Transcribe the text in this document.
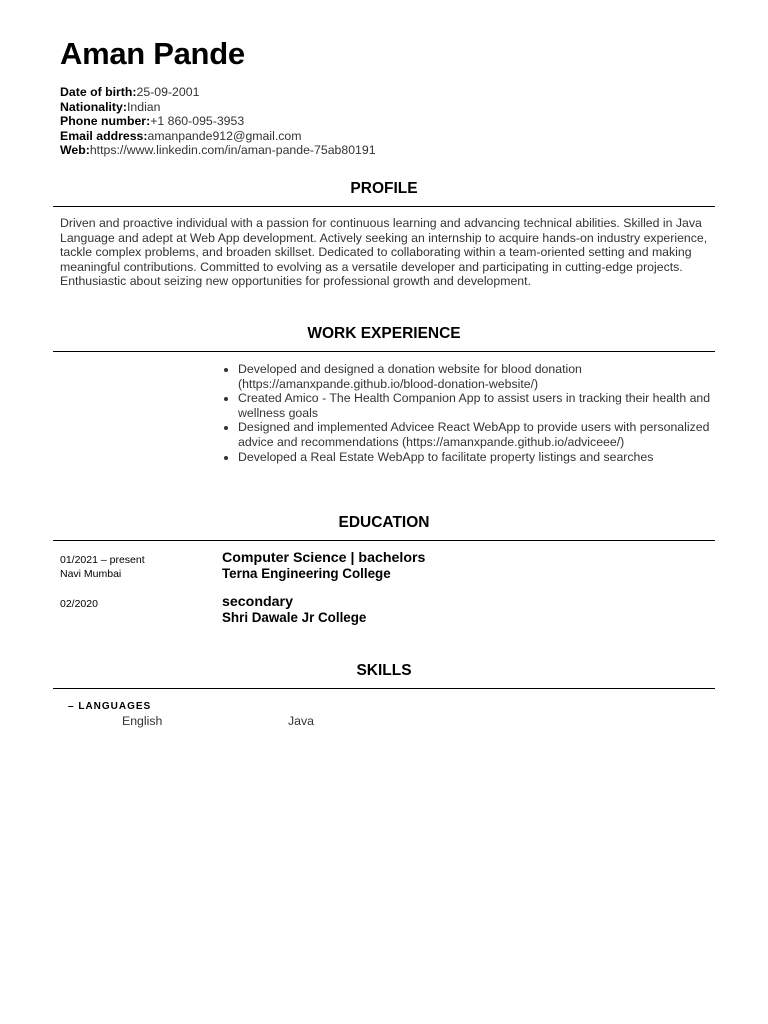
Aman Pande
Date of birth:25-09-2001
Nationality:Indian
Phone number:+1 860-095-3953
Email address:amanpande912@gmail.com
Web:https://www.linkedin.com/in/aman-pande-75ab80191
PROFILE
Driven and proactive individual with a passion for continuous learning and advancing technical abilities. Skilled in Java Language and adept at Web App development. Actively seeking an internship to acquire hands-on industry experience, tackle complex problems, and broaden skillset. Dedicated to collaborating within a team-oriented setting and making meaningful contributions. Committed to evolving as a versatile developer and participating in cutting-edge projects. Enthusiastic about seizing new opportunities for professional growth and development.
WORK EXPERIENCE
• Developed and designed a donation website for blood donation (https://amanxpande.github.io/blood-donation-website/)
• Created Amico - The Health Companion App to assist users in tracking their health and wellness goals
• Designed and implemented Advicee React WebApp to provide users with personalized advice and recommendations (https://amanxpande.github.io/adviceee/)
• Developed a Real Estate WebApp to facilitate property listings and searches
EDUCATION
01/2021 – present
Navi Mumbai
Computer Science | bachelors
Terna Engineering College
02/2020	secondary
Shri Dawale Jr College
SKILLS
– LANGUAGES
English	Java
